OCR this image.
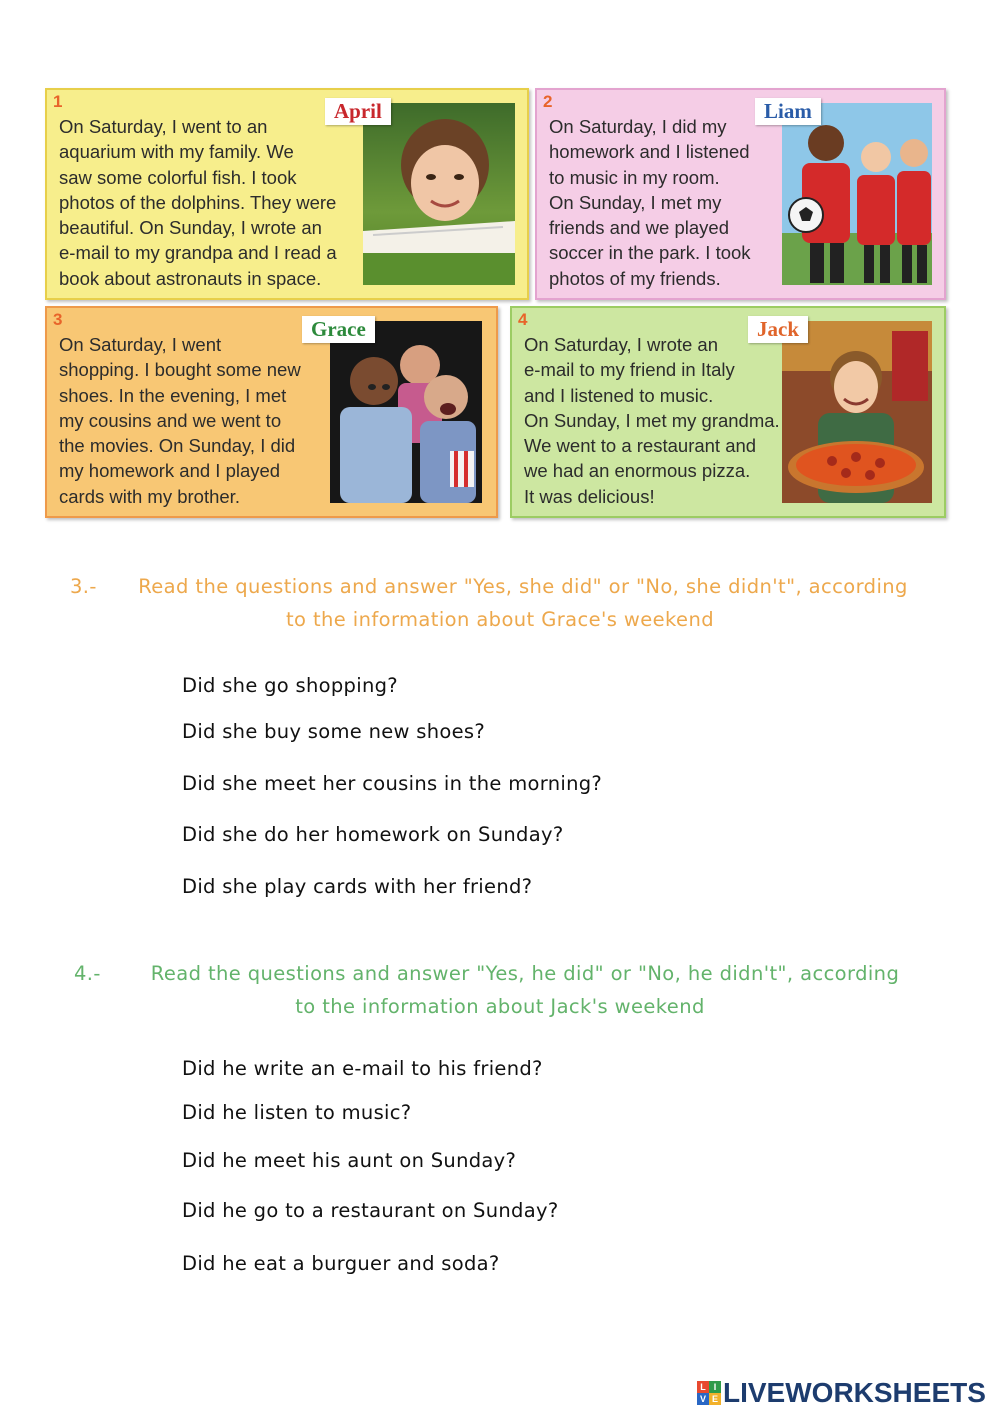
1
On Saturday, I went to an
aquarium with my family. We
saw some colorful fish. I took
photos of the dolphins. They were
beautiful. On Sunday, I wrote an
e-mail to my grandpa and I read a
book about astronauts in space.
April	2
On Saturday, I did my
homework and I listened
to music in my room.
On Sunday, I met my
friends and we played
soccer in the park. I took
photos of my friends.
Liam
3
On Saturday, I went
shopping. I bought some new
shoes. In the evening, I met
my cousins and we went to
the movies. On Sunday, I did
my homework and I played
cards with my brother.
Grace	4
On Saturday, I wrote an
e-mail to my friend in Italy
and I listened to music.
On Sunday, I met my grandma.
We went to a restaurant and
we had an enormous pizza.
It was delicious!
Jack
3.-	Read the questions and answer "Yes, she did" or "No, she didn't", according
to the information about Grace's weekend
Did she go shopping?
Did she buy some new shoes?
Did she meet her cousins in the morning?
Did she do her homework on Sunday?
Did she play cards with her friend?
4.-	Read the questions and answer "Yes, he did" or "No, he didn't", according
to the information about Jack's weekend
Did he write an e-mail to his friend?
Did he listen to music?
Did he meet his aunt on Sunday?
Did he go to a restaurant on Sunday?
Did he eat a burguer and soda?
L I
V E LIVEWORKSHEETS
